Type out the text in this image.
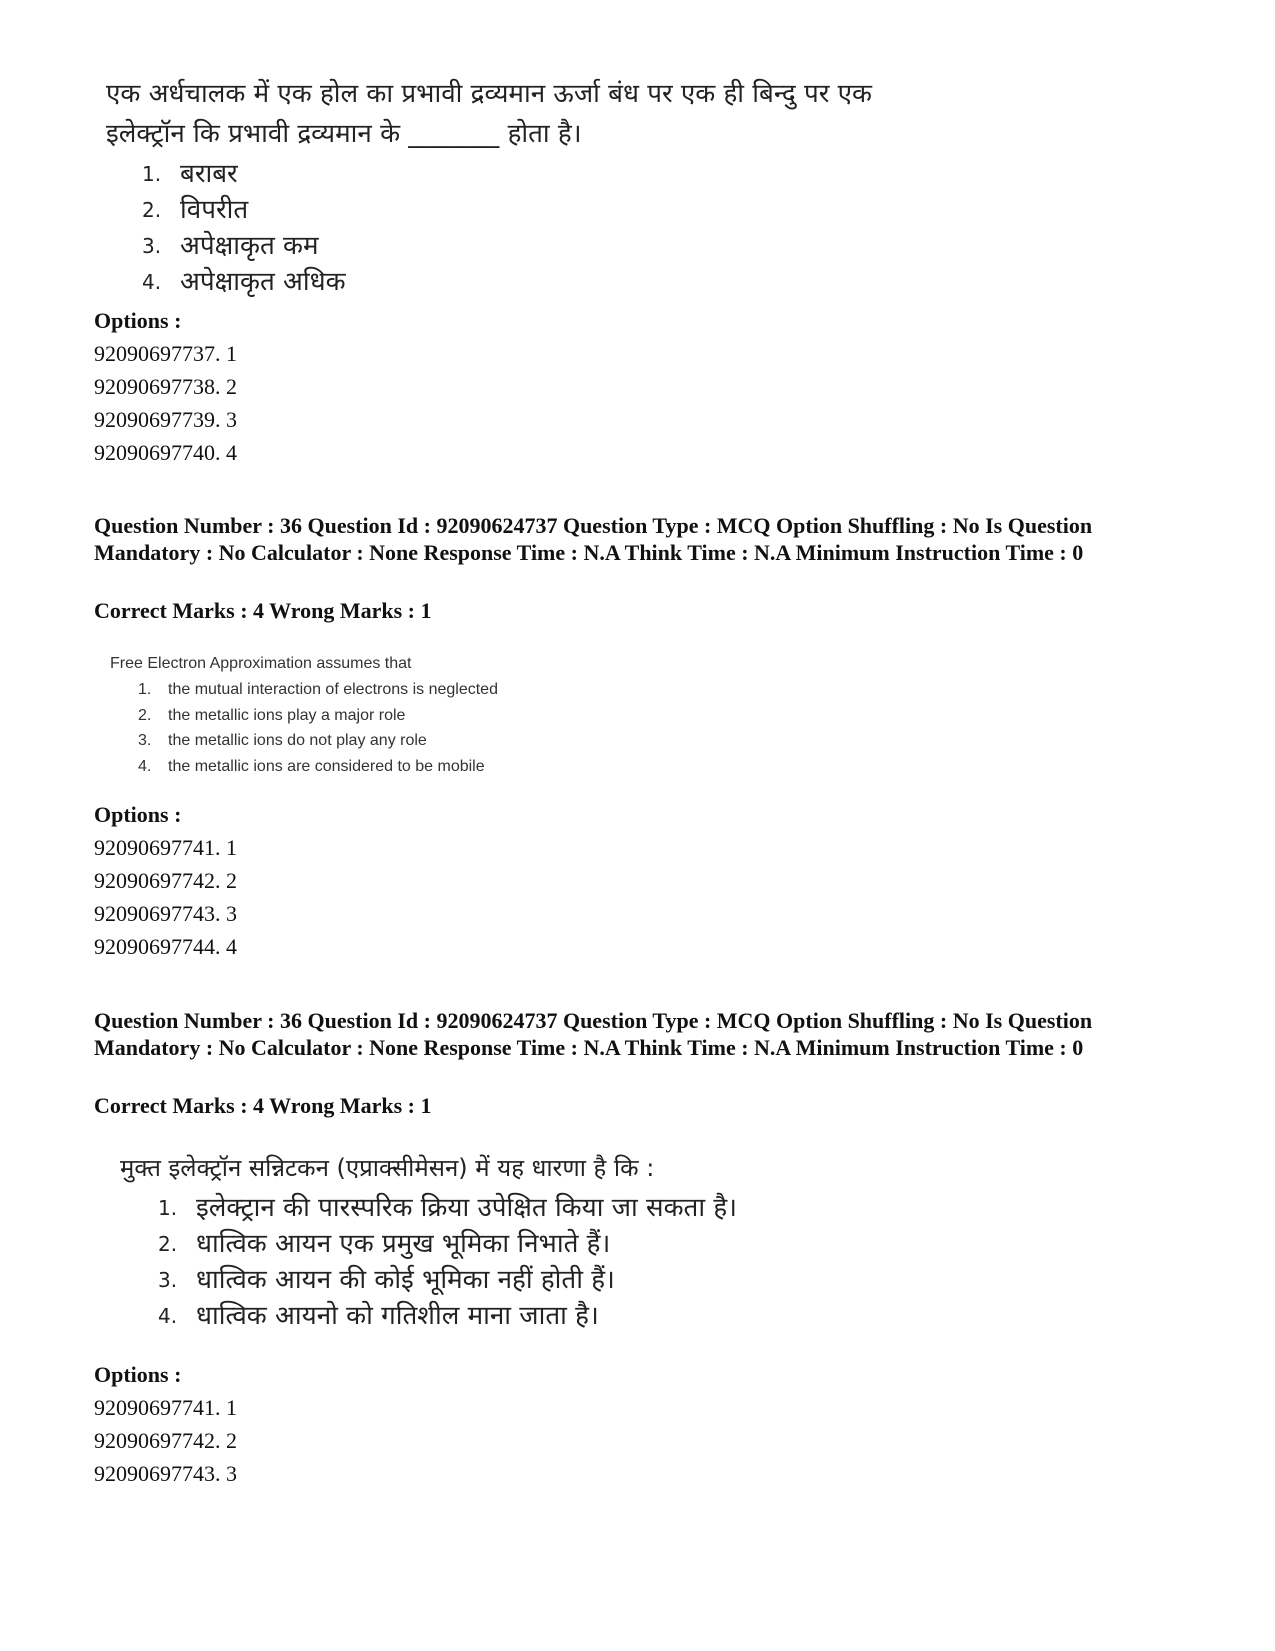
एक अर्धचालक में एक होल का प्रभावी द्रव्यमान ऊर्जा बंध पर एक ही बिन्दु पर एक
इलेक्ट्रॉन कि प्रभावी द्रव्यमान के _______ होता है।
1. बराबर
2. विपरीत
3. अपेक्षाकृत कम
4. अपेक्षाकृत अधिक
Options :
92090697737. 1
92090697738. 2
92090697739. 3
92090697740. 4
Question Number : 36 Question Id : 92090624737 Question Type : MCQ Option Shuffling : No Is Question Mandatory : No Calculator : None Response Time : N.A Think Time : N.A Minimum Instruction Time : 0
Correct Marks : 4 Wrong Marks : 1
Free Electron Approximation assumes that
1.	the mutual interaction of electrons is neglected
2.	the metallic ions play a major role
3.	the metallic ions do not play any role
4.	the metallic ions are considered to be mobile
Options :
92090697741. 1
92090697742. 2
92090697743. 3
92090697744. 4
Question Number : 36 Question Id : 92090624737 Question Type : MCQ Option Shuffling : No Is Question Mandatory : No Calculator : None Response Time : N.A Think Time : N.A Minimum Instruction Time : 0
Correct Marks : 4 Wrong Marks : 1
मुक्त इलेक्ट्रॉन सन्निटकन (एप्राक्सीमेसन) में यह धारणा है कि :
1. इलेक्ट्रान की पारस्परिक क्रिया उपेक्षित किया जा सकता है।
2. धात्विक आयन एक प्रमुख भूमिका निभाते हैं।
3. धात्विक आयन की कोई भूमिका नहीं होती हैं।
4. धात्विक आयनो को गतिशील माना जाता है।
Options :
92090697741. 1
92090697742. 2
92090697743. 3
